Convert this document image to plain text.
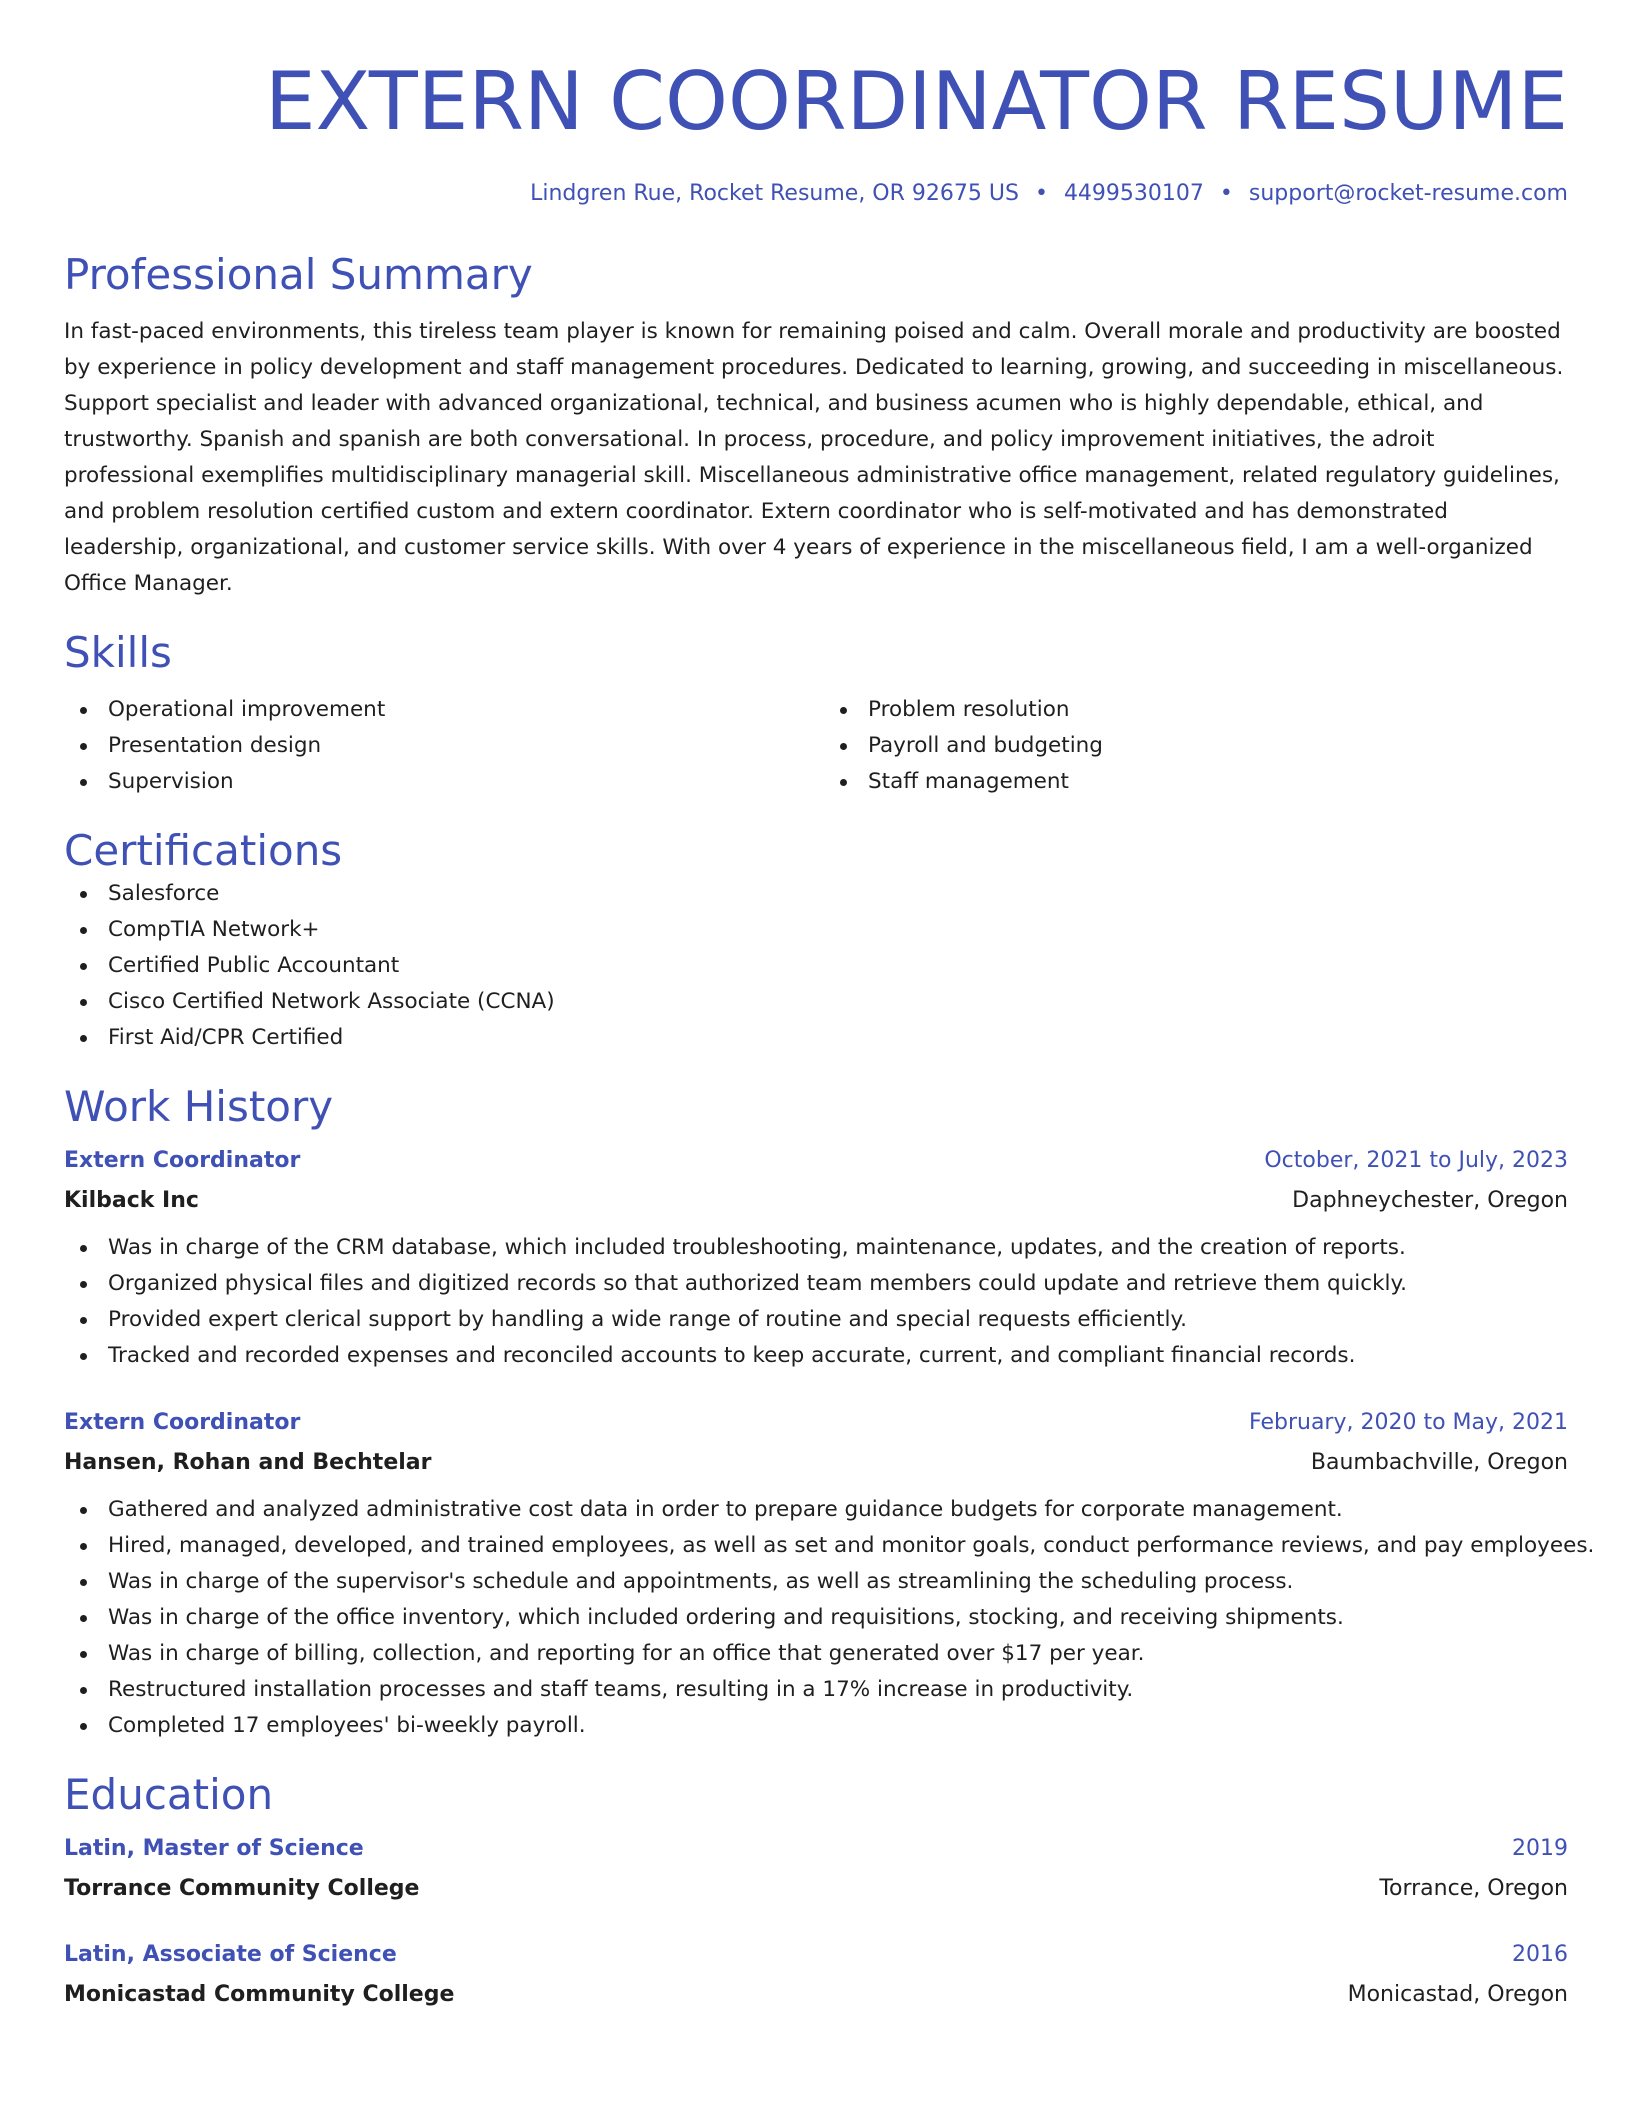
EXTERN COORDINATOR RESUME
Lindgren Rue, Rocket Resume, OR 92675 US • 4499530107 • support@rocket-resume.com
Professional Summary

In fast-paced environments, this tireless team player is known for remaining poised and calm. Overall morale and productivity are boosted by experience in policy development and staff management procedures. Dedicated to learning, growing, and succeeding in miscellaneous. Support specialist and leader with advanced organizational, technical, and business acumen who is highly dependable, ethical, and trustworthy. Spanish and spanish are both conversational. In process, procedure, and policy improvement initiatives, the adroit professional exemplifies multidisciplinary managerial skill. Miscellaneous administrative office management, related regulatory guidelines, and problem resolution certified custom and extern coordinator. Extern coordinator who is self-motivated and has demonstrated leadership, organizational, and customer service skills. With over 4 years of experience in the miscellaneous field, I am a well-organized Office Manager.

Skills
Operational improvement
Presentation design
Supervision
Problem resolution
Payroll and budgeting
Staff management
Certifications
Salesforce
CompTIA Network+
Certified Public Accountant
Cisco Certified Network Associate (CCNA)
First Aid/CPR Certified
Work History
Extern Coordinator	October, 2021 to July, 2023
Kilback Inc	Daphneychester, Oregon
Was in charge of the CRM database, which included troubleshooting, maintenance, updates, and the creation of reports.
Organized physical files and digitized records so that authorized team members could update and retrieve them quickly.
Provided expert clerical support by handling a wide range of routine and special requests efficiently.
Tracked and recorded expenses and reconciled accounts to keep accurate, current, and compliant financial records.
Extern Coordinator	February, 2020 to May, 2021
Hansen, Rohan and Bechtelar	Baumbachville, Oregon
Gathered and analyzed administrative cost data in order to prepare guidance budgets for corporate management.
Hired, managed, developed, and trained employees, as well as set and monitor goals, conduct performance reviews, and pay employees.
Was in charge of the supervisor's schedule and appointments, as well as streamlining the scheduling process.
Was in charge of the office inventory, which included ordering and requisitions, stocking, and receiving shipments.
Was in charge of billing, collection, and reporting for an office that generated over $17 per year.
Restructured installation processes and staff teams, resulting in a 17% increase in productivity.
Completed 17 employees' bi-weekly payroll.
Education
Latin, Master of Science	2019
Torrance Community College	Torrance, Oregon
Latin, Associate of Science	2016
Monicastad Community College	Monicastad, Oregon
